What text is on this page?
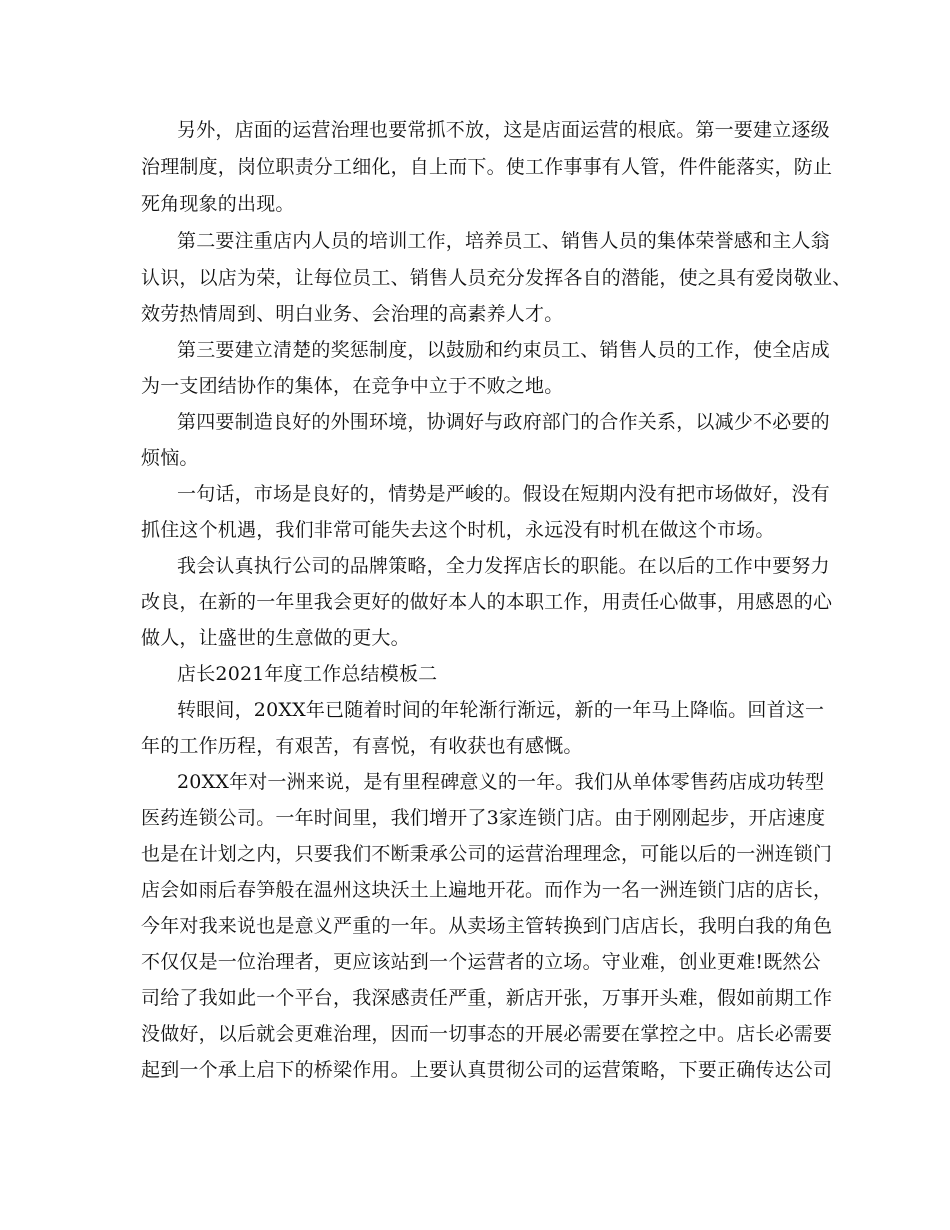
另外，店面的运营治理也要常抓不放，这是店面运营的根底。第一要建立逐级
治理制度，岗位职责分工细化，自上而下。使工作事事有人管，件件能落实，防止
死角现象的出现。
第二要注重店内人员的培训工作，培养员工、销售人员的集体荣誉感和主人翁
认识，以店为荣，让每位员工、销售人员充分发挥各自的潜能，使之具有爱岗敬业、
效劳热情周到、明白业务、会治理的高素养人才。
第三要建立清楚的奖惩制度，以鼓励和约束员工、销售人员的工作，使全店成
为一支团结协作的集体，在竞争中立于不败之地。
第四要制造良好的外围环境，协调好与政府部门的合作关系，以减少不必要的
烦恼。
一句话，市场是良好的，情势是严峻的。假设在短期内没有把市场做好，没有
抓住这个机遇，我们非常可能失去这个时机，永远没有时机在做这个市场。
我会认真执行公司的品牌策略，全力发挥店长的职能。在以后的工作中要努力
改良，在新的一年里我会更好的做好本人的本职工作，用责任心做事，用感恩的心
做人，让盛世的生意做的更大。
店长2021年度工作总结模板二
转眼间，20XX年已随着时间的年轮渐行渐远，新的一年马上降临。回首这一
年的工作历程，有艰苦，有喜悦，有收获也有感慨。
20XX年对一洲来说，是有里程碑意义的一年。我们从单体零售药店成功转型
医药连锁公司。一年时间里，我们增开了3家连锁门店。由于刚刚起步，开店速度
也是在计划之内，只要我们不断秉承公司的运营治理理念，可能以后的一洲连锁门
店会如雨后春笋般在温州这块沃土上遍地开花。而作为一名一洲连锁门店的店长，
今年对我来说也是意义严重的一年。从卖场主管转换到门店店长，我明白我的角色
不仅仅是一位治理者，更应该站到一个运营者的立场。守业难，创业更难!既然公
司给了我如此一个平台，我深感责任严重，新店开张，万事开头难，假如前期工作
没做好，以后就会更难治理，因而一切事态的开展必需要在掌控之中。店长必需要
起到一个承上启下的桥梁作用。上要认真贯彻公司的运营策略，下要正确传达公司
